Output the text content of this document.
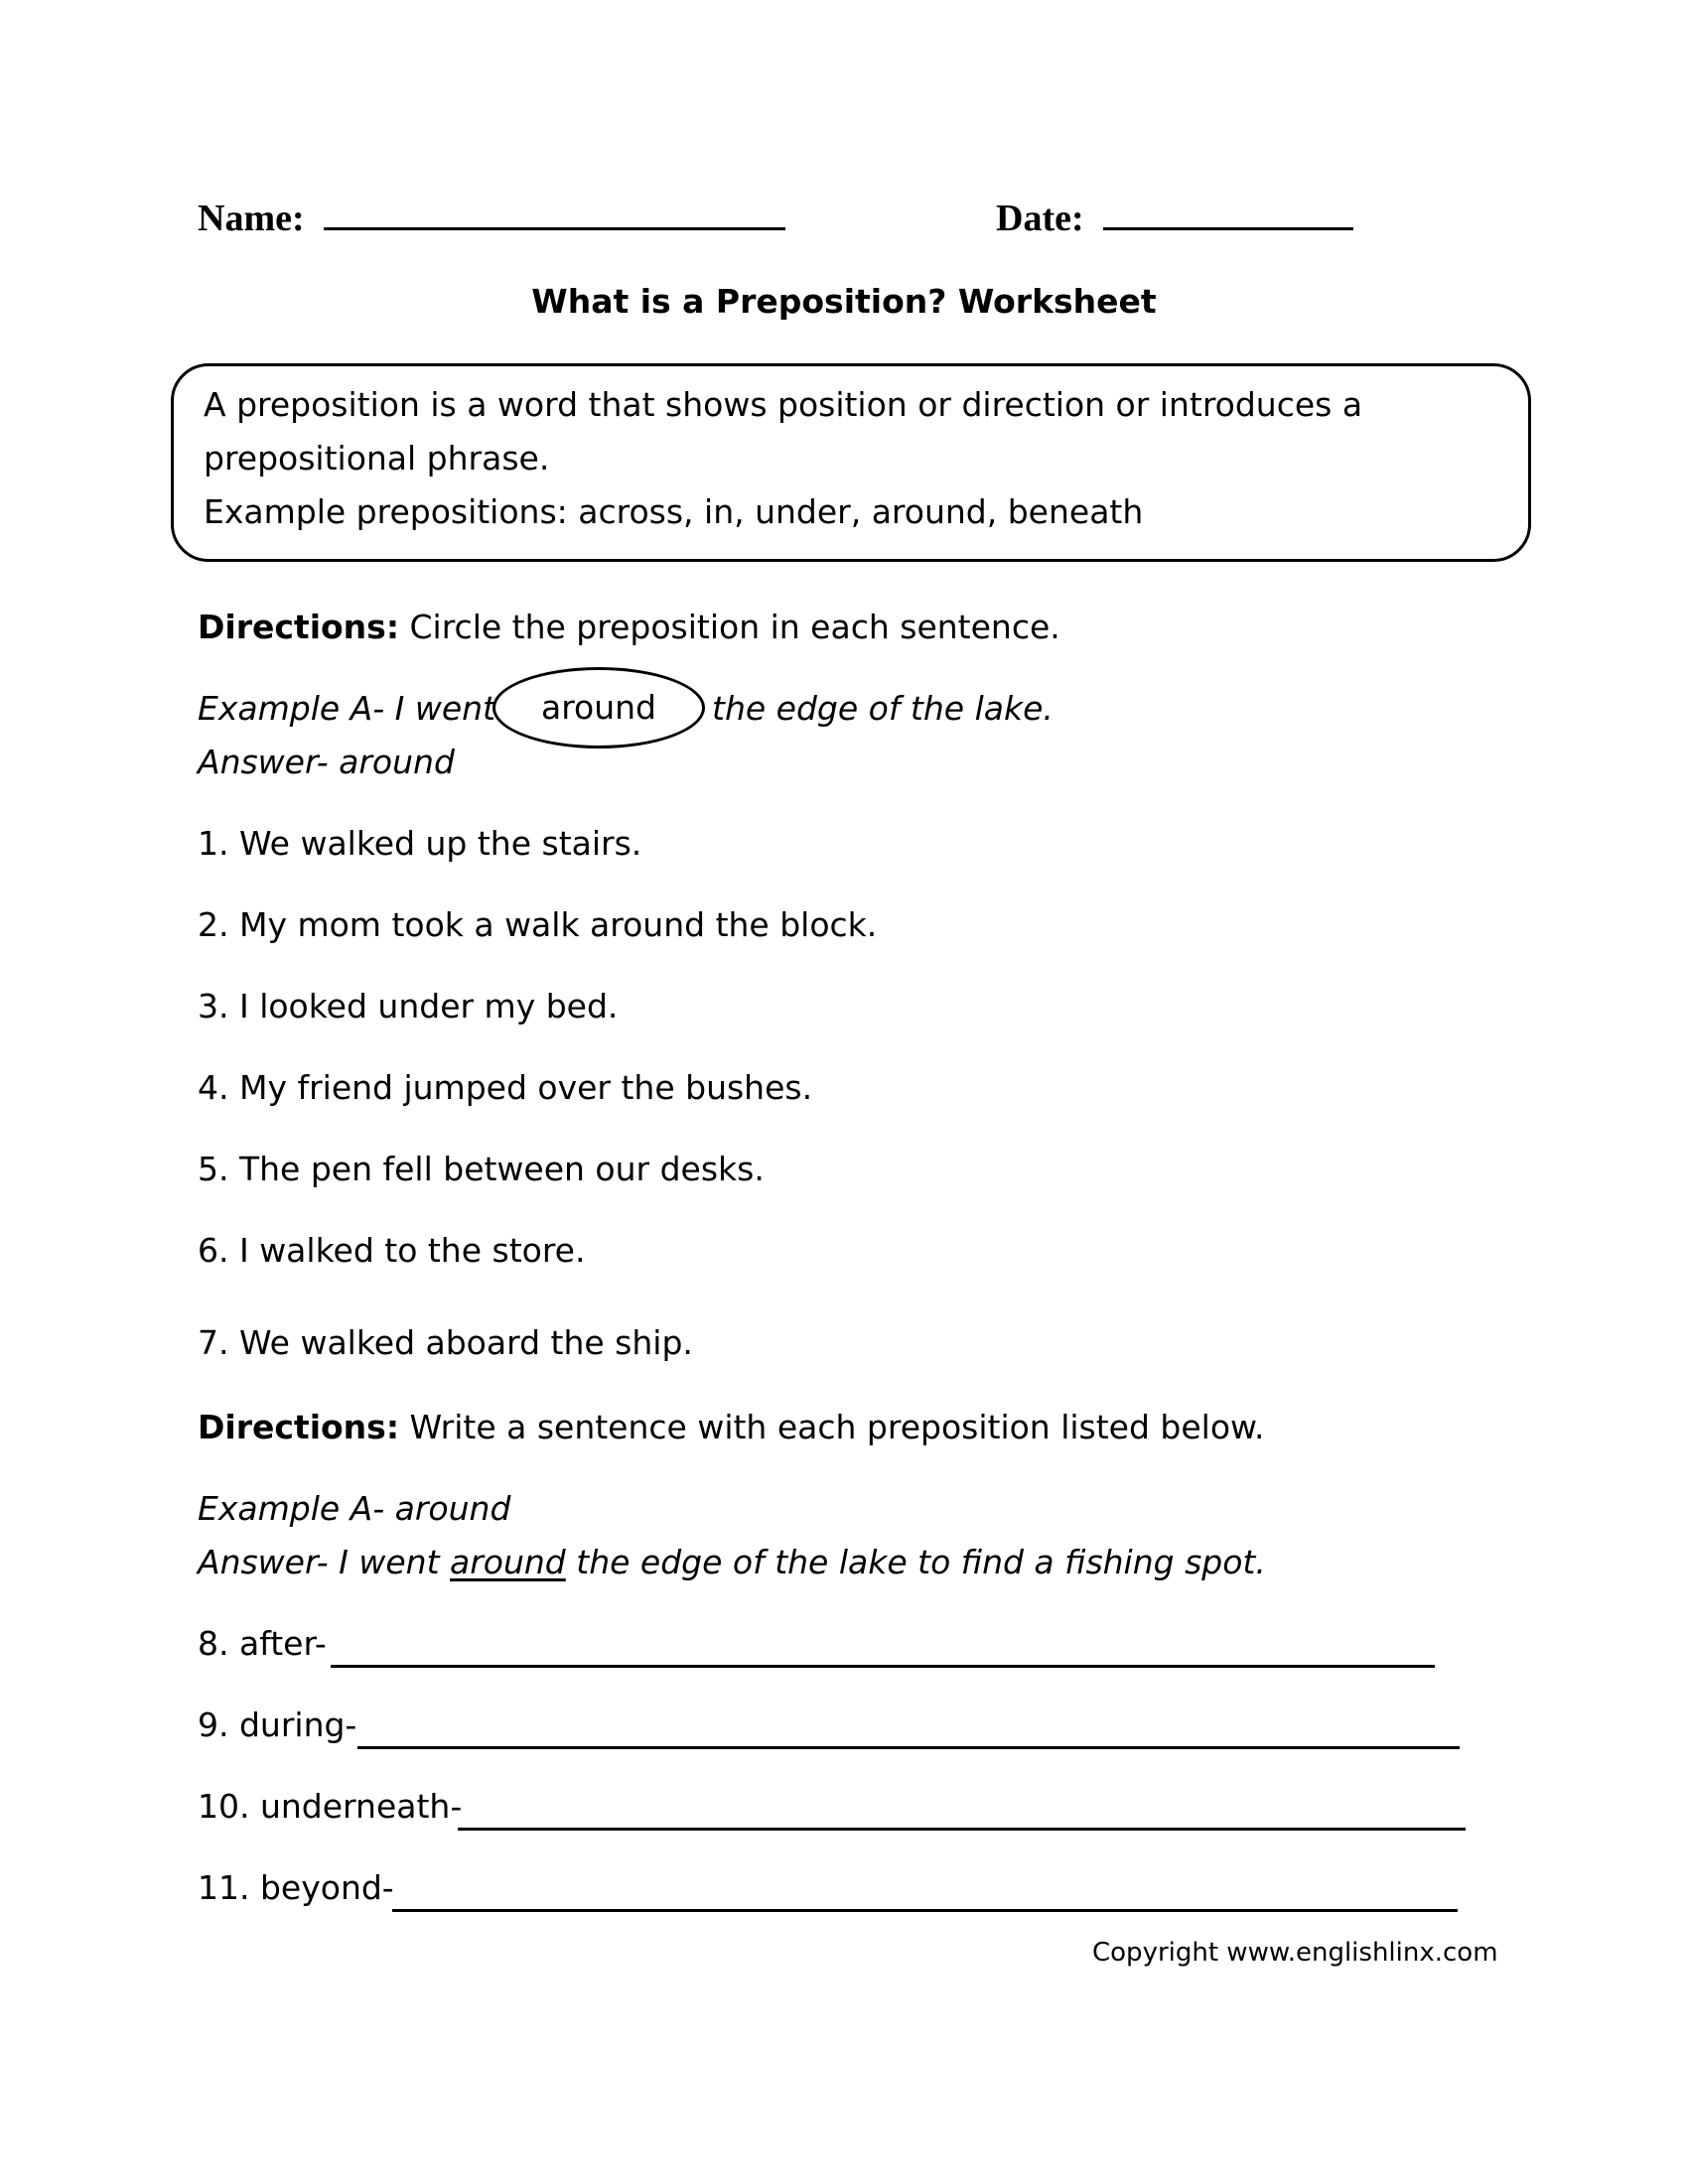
Name:	Date:
What is a Preposition? Worksheet
A preposition is a word that shows position or direction or introduces a
prepositional phrase.
Example prepositions: across, in, under, around, beneath
Directions: Circle the preposition in each sentence.
Example A- I went	around	the edge of the lake.
Answer- around
1. We walked up the stairs.
2. My mom took a walk around the block.
3. I looked under my bed.
4. My friend jumped over the bushes.
5. The pen fell between our desks.
6. I walked to the store.
7. We walked aboard the ship.
Directions: Write a sentence with each preposition listed below.
Example A- around
Answer- I went around the edge of the lake to find a fishing spot.
8. after-
9. during-
10. underneath-
11. beyond-
Copyright www.englishlinx.com
